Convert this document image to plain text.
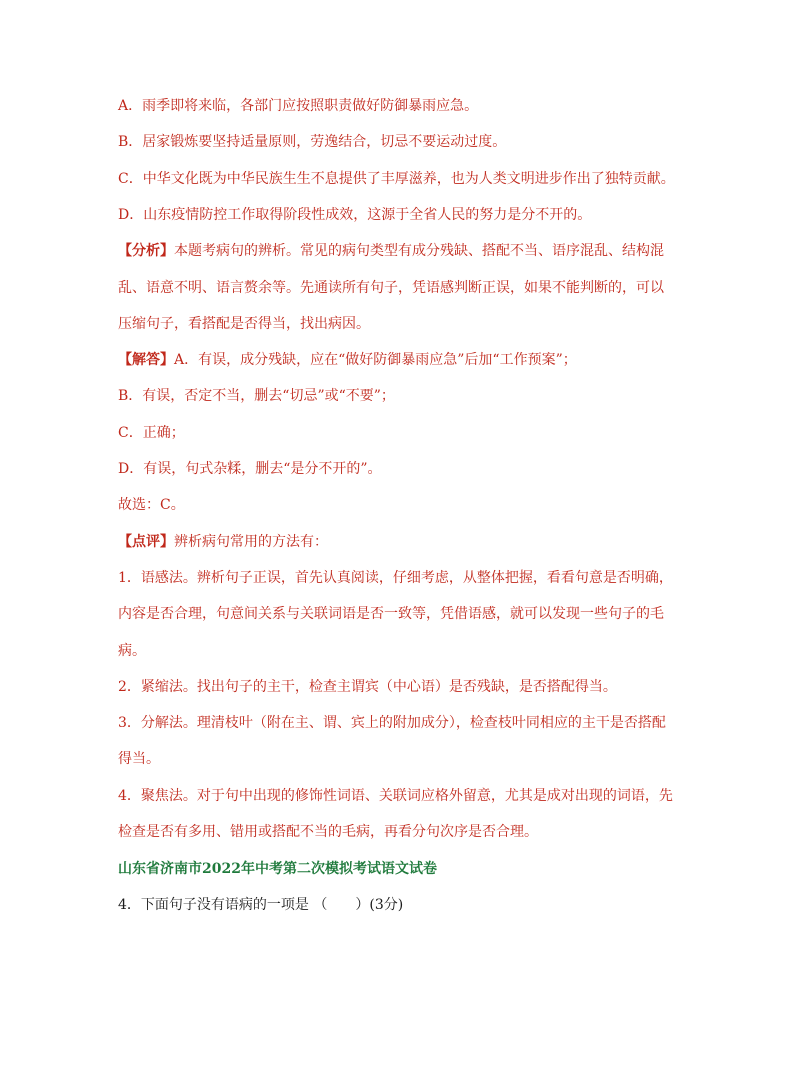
A．雨季即将来临，各部门应按照职责做好防御暴雨应急。
B．居家锻炼要坚持适量原则，劳逸结合，切忌不要运动过度。
C．中华文化既为中华民族生生不息提供了丰厚滋养，也为人类文明进步作出了独特贡献。
D．山东疫情防控工作取得阶段性成效，这源于全省人民的努力是分不开的。
【分析】本题考病句的辨析。常见的病句类型有成分残缺、搭配不当、语序混乱、结构混
乱、语意不明、语言赘余等。先通读所有句子，凭语感判断正误，如果不能判断的，可以
压缩句子，看搭配是否得当，找出病因。
【解答】A．有误，成分残缺，应在“做好防御暴雨应急”后加“工作预案”；
B．有误，否定不当，删去“切忌”或“不要”；
C．正确；
D．有误，句式杂糅，删去“是分不开的”。
故选：C。
【点评】辨析病句常用的方法有：
1．语感法。辨析句子正误，首先认真阅读，仔细考虑，从整体把握，看看句意是否明确，
内容是否合理，句意间关系与关联词语是否一致等，凭借语感，就可以发现一些句子的毛
病。
2．紧缩法。找出句子的主干，检查主谓宾（中心语）是否残缺，是否搭配得当。
3．分解法。理清枝叶（附在主、谓、宾上的附加成分），检查枝叶同相应的主干是否搭配
得当。
4．聚焦法。对于句中出现的修饰性词语、关联词应格外留意，尤其是成对出现的词语，先
检查是否有多用、错用或搭配不当的毛病，再看分句次序是否合理。
山东省济南市2022年中考第二次模拟考试语文试卷
4．下面句子没有语病的一项是 （　　）(3分)
